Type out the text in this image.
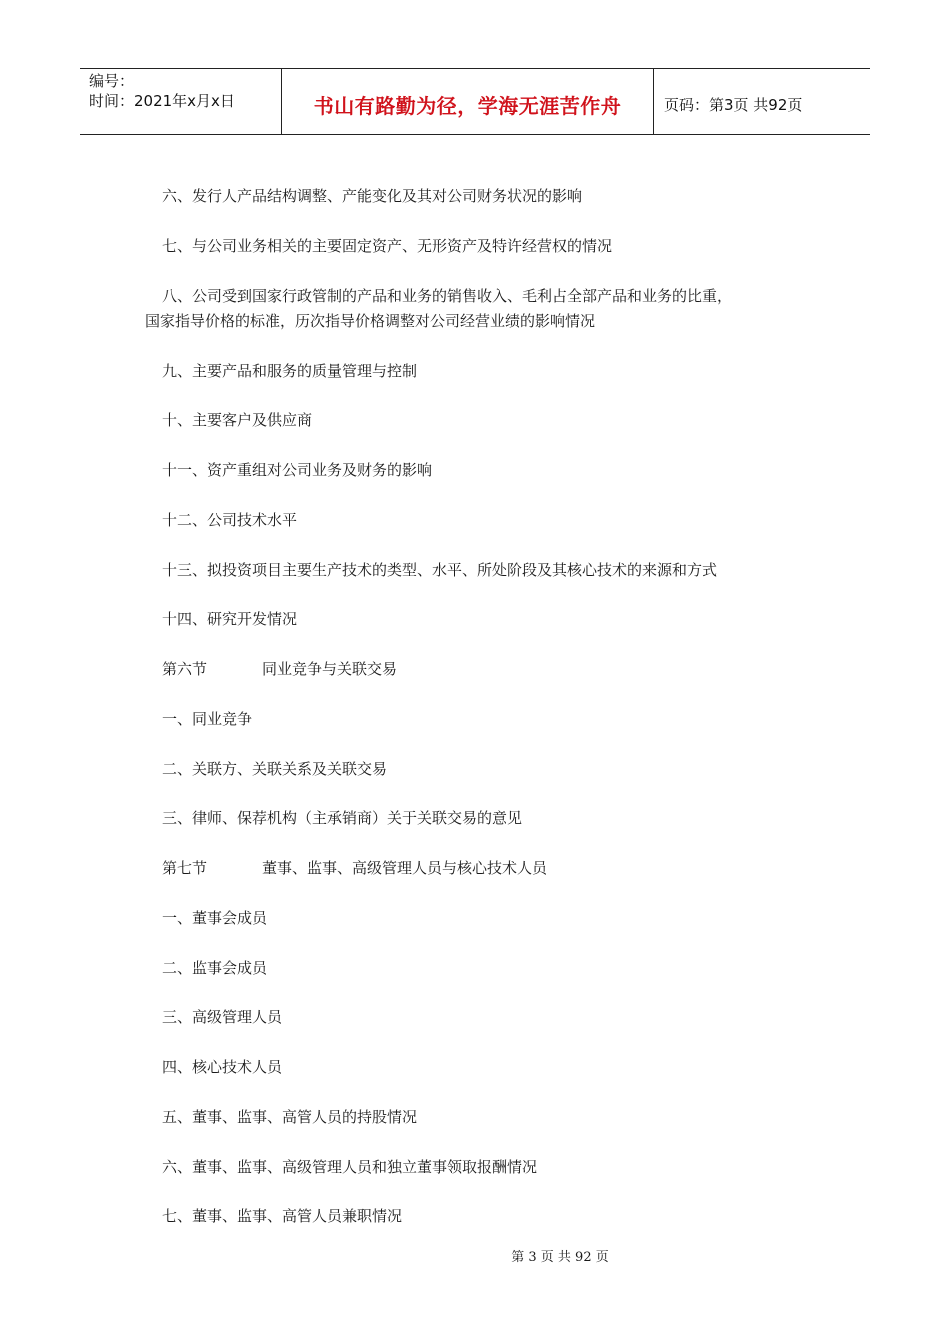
编号：
时间：2021年x月x日	书山有路勤为径，学海无涯苦作舟	页码：第3页 共92页
六、发行人产品结构调整、产能变化及其对公司财务状况的影响
七、与公司业务相关的主要固定资产、无形资产及特许经营权的情况
八、公司受到国家行政管制的产品和业务的销售收入、毛利占全部产品和业务的比重，
国家指导价格的标准，历次指导价格调整对公司经营业绩的影响情况
九、主要产品和服务的质量管理与控制
十、主要客户及供应商
十一、资产重组对公司业务及财务的影响
十二、公司技术水平
十三、拟投资项目主要生产技术的类型、水平、所处阶段及其核心技术的来源和方式
十四、研究开发情况
第六节	同业竞争与关联交易
一、同业竞争
二、关联方、关联关系及关联交易
三、律师、保荐机构（主承销商）关于关联交易的意见
第七节	董事、监事、高级管理人员与核心技术人员
一、董事会成员
二、监事会成员
三、高级管理人员
四、核心技术人员
五、董事、监事、高管人员的持股情况
六、董事、监事、高级管理人员和独立董事领取报酬情况
七、董事、监事、高管人员兼职情况
第 3 页 共 92 页
